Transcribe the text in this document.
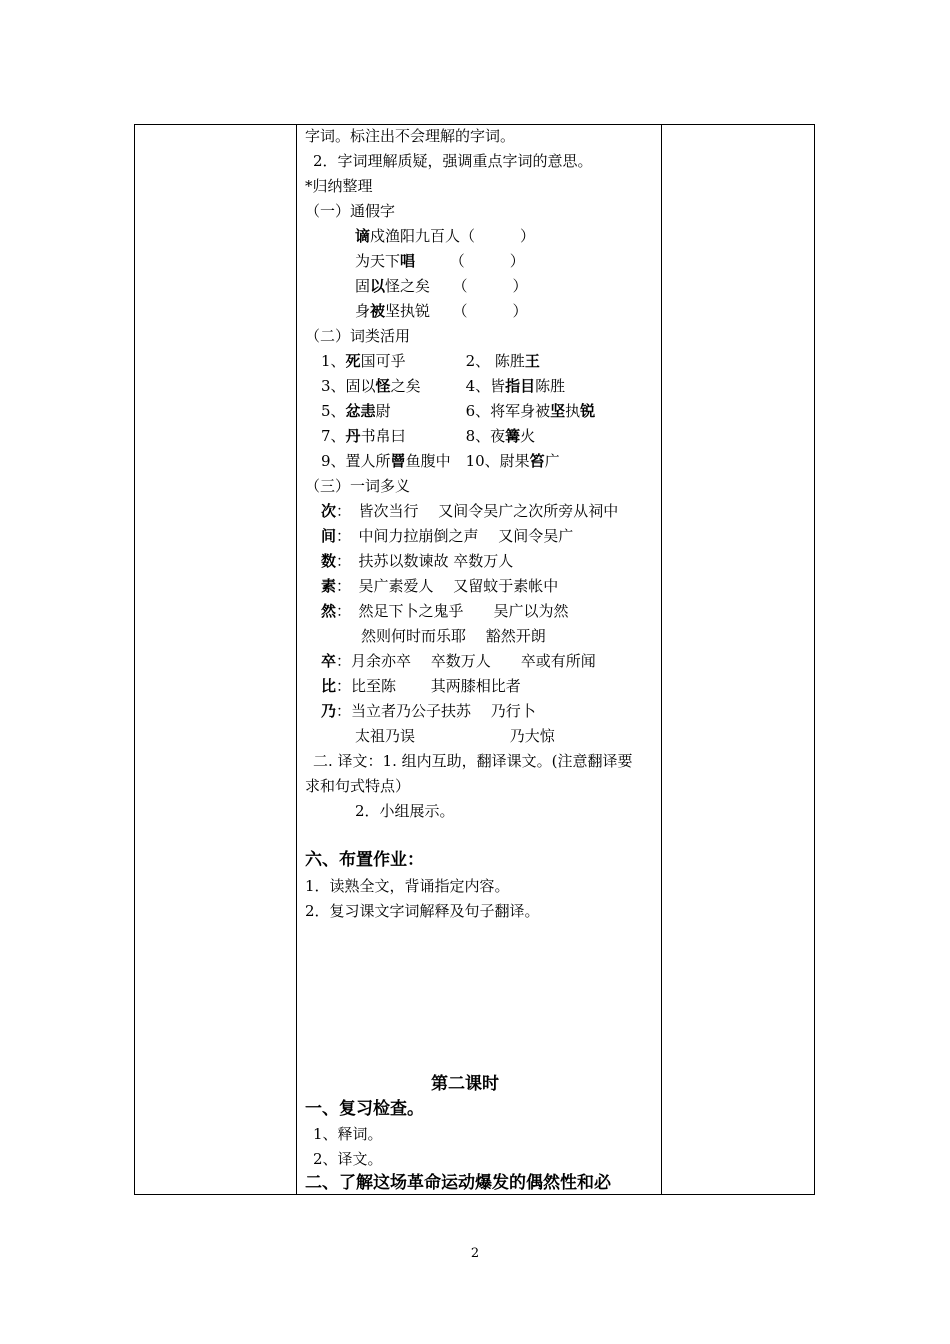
字词。标注出不会理解的字词。
2．字词理解质疑，强调重点字词的意思。
*归纳整理
（一）通假字
谪戍渔阳九百人（　　　）
为天下唱　　 （　　　）
固以怪之矣　　（　　　）
身被坚执锐　　（　　　）
（二）词类活用
1、死国可乎　　　　2、 陈胜王
3、固以怪之矣　　　4、皆指目陈胜
5、忿恚尉　　　　　6、将军身被坚执锐
7、丹书帛曰　　　　8、夜篝火
9、置人所罾鱼腹中　10、尉果笞广
（三）一词多义
次：　皆次当行　 又间令吴广之次所旁从祠中
间：　中间力拉崩倒之声　 又间令吴广
数：　扶苏以数谏故 卒数万人
素：　吴广素爱人　 又留蚊于素帐中
然：　然足下卜之鬼乎　　吴广以为然
然则何时而乐耶　 豁然开朗
卒：月余亦卒　 卒数万人　　卒或有所闻
比：比至陈　　 其两膝相比者
乃：当立者乃公子扶苏　 乃行卜
太祖乃误　　　　　　 乃大惊
二. 译文：1. 组内互助，翻译课文。(注意翻译要
求和句式特点）
2．小组展示。
六、布置作业：
1．读熟全文，背诵指定内容。
2．复习课文字词解释及句子翻译。
第二课时
一、复习检查。
1、释词。
2、译文。
二、了解这场革命运动爆发的偶然性和必
2
